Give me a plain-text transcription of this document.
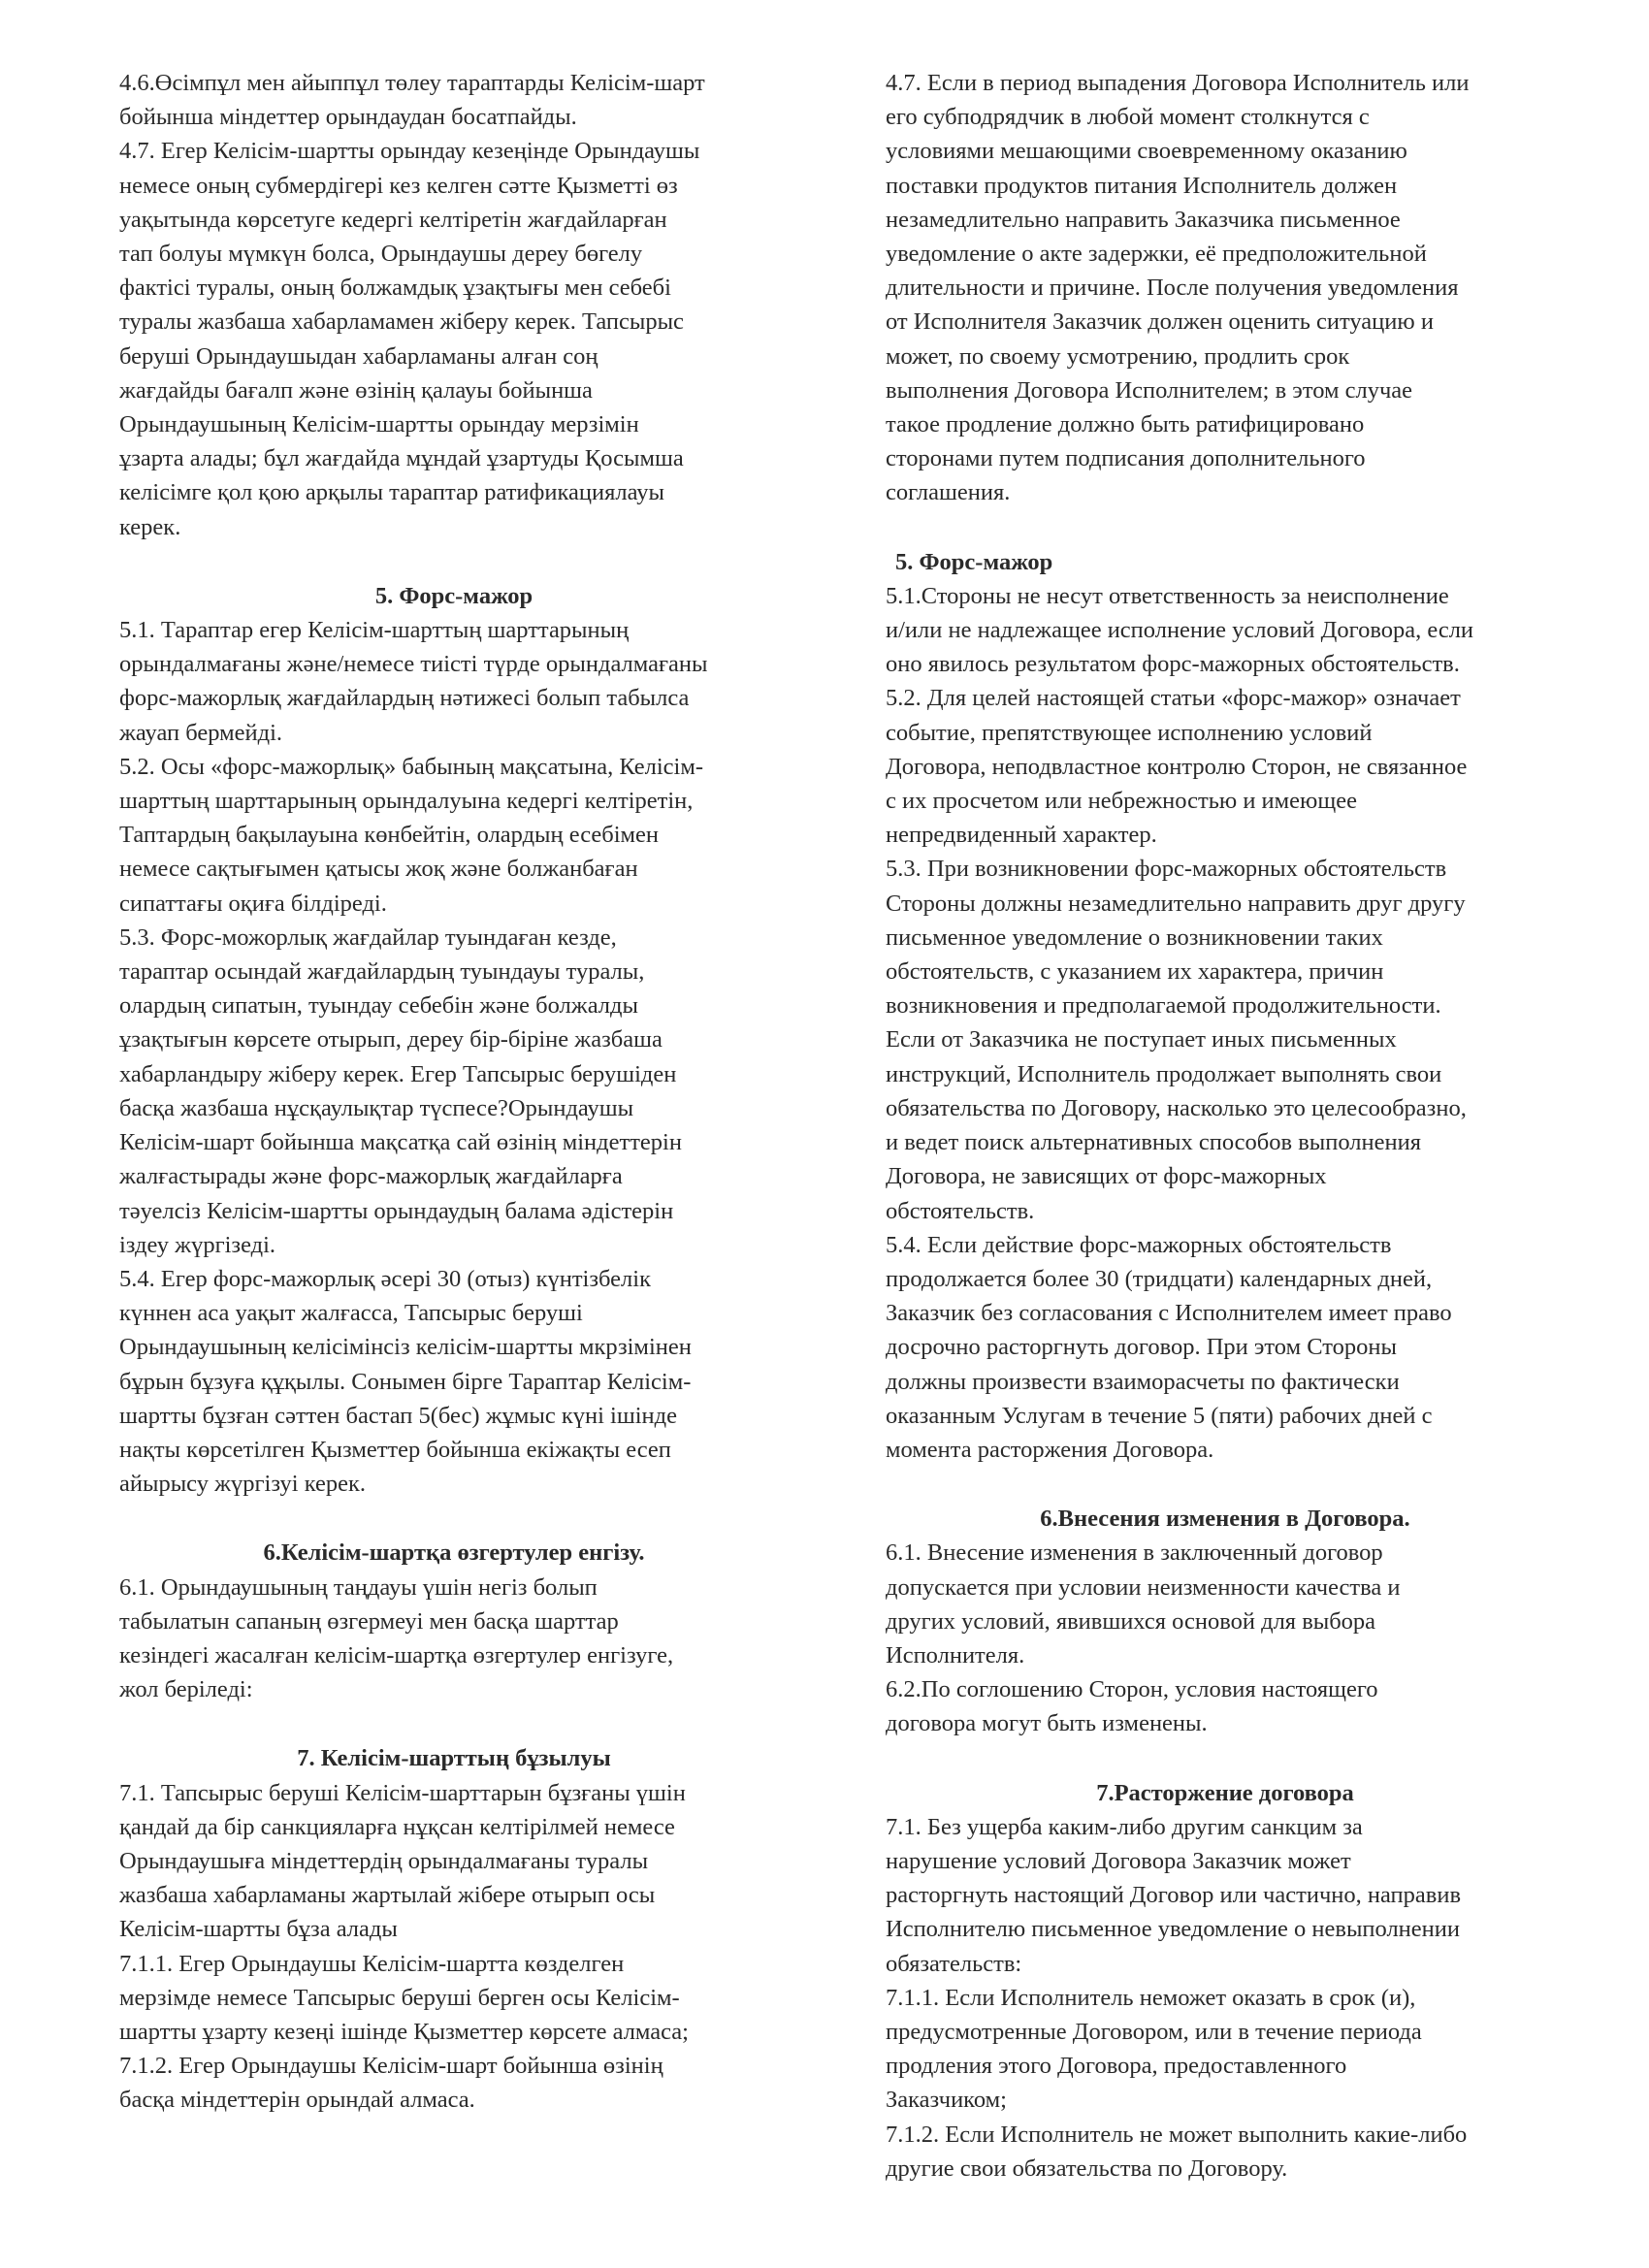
4.6.Өсімпұл мен айыппұл төлеу тараптарды Келісім-шарт
бойынша міндеттер орындаудан босатпайды.
4.7. Егер Келісім-шартты орындау кезеңінде Орындаушы
немесе оның субмердігері кез келген сәтте Қызметті өз
уақытында көрсетуге кедергі келтіретін жағдайларған
тап болуы мүмкүн болса, Орындаушы дереу бөгелу
фактісі туралы, оның болжамдық ұзақтығы мен себебі
туралы жазбаша хабарламамен жіберу керек. Тапсырыс
беруші Орындаушыдан хабарламаны алған соң
жағдайды бағалп және өзінің қалауы бойынша
Орындаушының Келісім-шартты орындау мерзімін
ұзарта алады; бұл жағдайда мұндай ұзартуды Қосымша
келісімге қол қою арқылы тараптар ратификациялауы
керек.
5. Форс-мажор
5.1. Тараптар егер Келісім-шарттың шарттарының
орындалмағаны және/немесе тиісті түрде орындалмағаны
форс-мажорлық жағдайлардың нәтижесі болып табылса
жауап бермейді.
5.2. Осы «форс-мажорлық» бабының мақсатына, Келісім-
шарттың шарттарының орындалуына кедергі келтіретін,
Таптардың бақылауына көнбейтін, олардың есебімен
немесе сақтығымен қатысы жоқ және болжанбаған
сипаттағы оқиға білдіреді.
5.3. Форс-можорлық жағдайлар туындаған кезде,
тараптар осындай жағдайлардың туындауы туралы,
олардың сипатын, туындау себебін және болжалды
ұзақтығын көрсете отырып, дереу бір-біріне жазбаша
хабарландыру жіберу керек. Егер Тапсырыс берушіден
басқа жазбаша нұсқаулықтар түспесе?Орындаушы
Келісім-шарт бойынша мақсатқа сай өзінің міндеттерін
жалғастырады және форс-мажорлық жағдайларға
тәуелсіз Келісім-шартты орындаудың балама әдістерін
іздеу жүргізеді.
5.4. Егер форс-мажорлық әсері 30 (отыз) күнтізбелік
күннен аса уақыт жалғасса, Тапсырыс беруші
Орындаушының келісімінсіз келісім-шартты мкрзімінен
бұрын бұзуға құқылы. Сонымен бірге Тараптар Келісім-
шартты бұзған сәттен бастап 5(бес) жұмыс күні ішінде
нақты көрсетілген Қызметтер бойынша екіжақты есеп
айырысу жүргізуі керек.
6.Келісім-шартқа өзгертулер енгізу.
6.1. Орындаушының таңдауы үшін негіз болып
табылатын сапаның өзгермеуі мен басқа шарттар
кезіндегі жасалған келісім-шартқа өзгертулер енгізуге,
жол беріледі:
7. Келісім-шарттың бұзылуы
7.1. Тапсырыс беруші Келісім-шарттарын бұзғаны үшін
қандай да бір санкцияларға нұқсан келтірілмей немесе
Орындаушыға міндеттердің орындалмағаны туралы
жазбаша хабарламаны жартылай жібере отырып осы
Келісім-шартты бұза алады
7.1.1. Егер Орындаушы Келісім-шартта көзделген
мерзімде немесе Тапсырыс беруші берген осы Келісім-
шартты ұзарту кезеңі ішінде Қызметтер көрсете алмаса;
7.1.2. Егер Орындаушы Келісім-шарт бойынша өзінің
басқа міндеттерін орындай алмаса.
4.7. Если в период выпадения Договора Исполнитель или
его субподрядчик в любой момент столкнутся с
условиями мешающими своевременному оказанию
поставки продуктов питания Исполнитель должен
незамедлительно направить Заказчика письменное
уведомление о акте задержки, её предположительной
длительности и причине. После получения уведомления
от Исполнителя Заказчик должен оценить ситуацию и
может, по своему усмотрению, продлить срок
выполнения Договора Исполнителем; в этом случае
такое продление должно быть ратифицировано
сторонами путем подписания дополнительного
соглашения.
5. Форс-мажор
5.1.Стороны не несут ответственность за неисполнение
и/или не надлежащее исполнение условий Договора, если
оно явилось результатом форс-мажорных обстоятельств.
5.2. Для целей настоящей статьи «форс-мажор» означает
событие, препятствующее исполнению условий
Договора, неподвластное контролю Сторон, не связанное
с их просчетом или небрежностью и имеющее
непредвиденный характер.
5.3. При возникновении форс-мажорных обстоятельств
Стороны должны незамедлительно направить друг другу
письменное уведомление о возникновении таких
обстоятельств, с указанием их характера, причин
возникновения и предполагаемой продолжительности.
Если от Заказчика не поступает иных письменных
инструкций, Исполнитель продолжает выполнять свои
обязательства по Договору, насколько это целесообразно,
и ведет поиск альтернативных способов выполнения
Договора, не зависящих от форс-мажорных
обстоятельств.
5.4. Если действие форс-мажорных обстоятельств
продолжается более 30 (тридцати) календарных дней,
Заказчик без согласования с Исполнителем имеет право
досрочно расторгнуть договор. При этом Стороны
должны произвести взаиморасчеты по фактически
оказанным Услугам в течение 5 (пяти) рабочих дней с
момента расторжения Договора.
6.Внесения изменения в Договора.
6.1. Внесение изменения в заключенный договор
допускается при условии неизменности качества и
других условий, явившихся основой для выбора
Исполнителя.
6.2.По соглошению Сторон, условия настоящего
договора могут быть изменены.
7.Расторжение договора
7.1. Без ущерба каким-либо другим санкцим за
нарушение условий Договора Заказчик может
расторгнуть настоящий Договор или частично, направив
Исполнителю письменное уведомление о невыполнении
обязательств:
7.1.1. Если Исполнитель неможет оказать в срок (и),
предусмотренные Договором, или в течение периода
продления этого Договора, предоставленного
Заказчиком;
7.1.2. Если Исполнитель не может выполнить какие-либо
другие свои обязательства по Договору.
